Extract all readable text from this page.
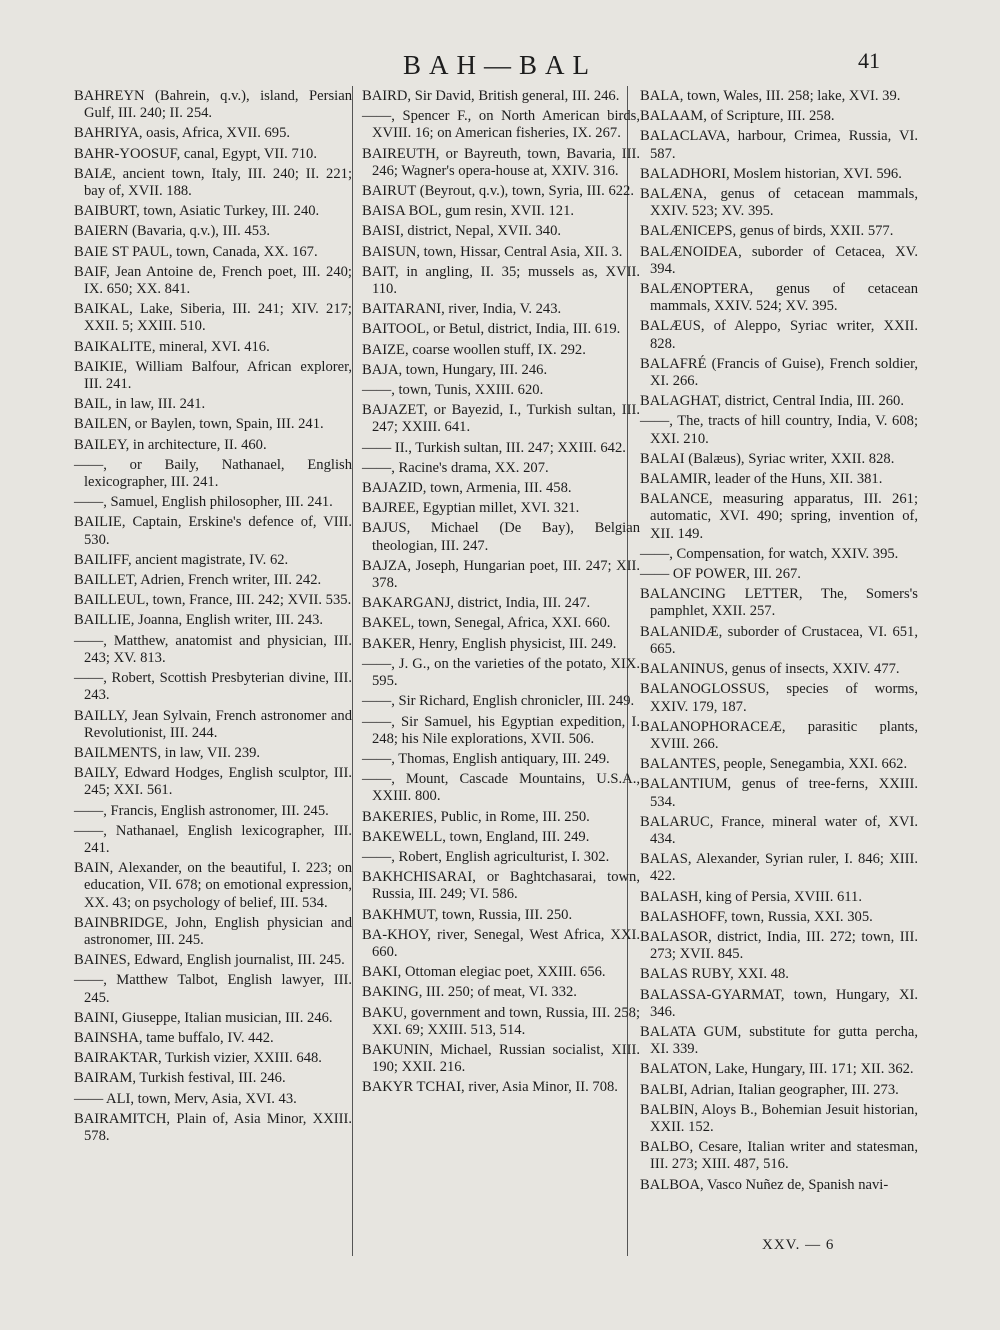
BAH—BAL	41

BAHREYN (Bahrein, q.v.), island, Persian Gulf, III. 240; II. 254.

BAHRIYA, oasis, Africa, XVII. 695.

BAHR-YOOSUF, canal, Egypt, VII. 710.

BAIÆ, ancient town, Italy, III. 240; II. 221; bay of, XVII. 188.

BAIBURT, town, Asiatic Turkey, III. 240.

BAIERN (Bavaria, q.v.), III. 453.

BAIE ST PAUL, town, Canada, XX. 167.

BAIF, Jean Antoine de, French poet, III. 240; IX. 650; XX. 841.

BAIKAL, Lake, Siberia, III. 241; XIV. 217; XXII. 5; XXIII. 510.

BAIKALITE, mineral, XVI. 416.

BAIKIE, William Balfour, African explorer, III. 241.

BAIL, in law, III. 241.

BAILEN, or Baylen, town, Spain, III. 241.

BAILEY, in architecture, II. 460.

——, or Baily, Nathanael, English lexicographer, III. 241.

——, Samuel, English philosopher, III. 241.

BAILIE, Captain, Erskine's defence of, VIII. 530.

BAILIFF, ancient magistrate, IV. 62.

BAILLET, Adrien, French writer, III. 242.

BAILLEUL, town, France, III. 242; XVII. 535.

BAILLIE, Joanna, English writer, III. 243.

——, Matthew, anatomist and physician, III. 243; XV. 813.

——, Robert, Scottish Presbyterian divine, III. 243.

BAILLY, Jean Sylvain, French astronomer and Revolutionist, III. 244.

BAILMENTS, in law, VII. 239.

BAILY, Edward Hodges, English sculptor, III. 245; XXI. 561.

——, Francis, English astronomer, III. 245.

——, Nathanael, English lexicographer, III. 241.

BAIN, Alexander, on the beautiful, I. 223; on education, VII. 678; on emotional expression, XX. 43; on psychology of belief, III. 534.

BAINBRIDGE, John, English physician and astronomer, III. 245.

BAINES, Edward, English journalist, III. 245.

——, Matthew Talbot, English lawyer, III. 245.

BAINI, Giuseppe, Italian musician, III. 246.

BAINSHA, tame buffalo, IV. 442.

BAIRAKTAR, Turkish vizier, XXIII. 648.

BAIRAM, Turkish festival, III. 246.

—— ALI, town, Merv, Asia, XVI. 43.

BAIRAMITCH, Plain of, Asia Minor, XXIII. 578.

BAIRD, Sir David, British general, III. 246.

——, Spencer F., on North American birds, XVIII. 16; on American fisheries, IX. 267.

BAIREUTH, or Bayreuth, town, Bavaria, III. 246; Wagner's opera-house at, XXIV. 316.

BAIRUT (Beyrout, q.v.), town, Syria, III. 622.

BAISA BOL, gum resin, XVII. 121.

BAISI, district, Nepal, XVII. 340.

BAISUN, town, Hissar, Central Asia, XII. 3.

BAIT, in angling, II. 35; mussels as, XVII. 110.

BAITARANI, river, India, V. 243.

BAITOOL, or Betul, district, India, III. 619.

BAIZE, coarse woollen stuff, IX. 292.

BAJA, town, Hungary, III. 246.

——, town, Tunis, XXIII. 620.

BAJAZET, or Bayezid, I., Turkish sultan, III. 247; XXIII. 641.

—— II., Turkish sultan, III. 247; XXIII. 642.

——, Racine's drama, XX. 207.

BAJAZID, town, Armenia, III. 458.

BAJREE, Egyptian millet, XVI. 321.

BAJUS, Michael (De Bay), Belgian theologian, III. 247.

BAJZA, Joseph, Hungarian poet, III. 247; XII. 378.

BAKARGANJ, district, India, III. 247.

BAKEL, town, Senegal, Africa, XXI. 660.

BAKER, Henry, English physicist, III. 249.

——, J. G., on the varieties of the potato, XIX. 595.

——, Sir Richard, English chronicler, III. 249.

——, Sir Samuel, his Egyptian expedition, I. 248; his Nile explorations, XVII. 506.

——, Thomas, English antiquary, III. 249.

——, Mount, Cascade Mountains, U.S.A., XXIII. 800.

BAKERIES, Public, in Rome, III. 250.

BAKEWELL, town, England, III. 249.

——, Robert, English agriculturist, I. 302.

BAKHCHISARAI, or Baghtchasarai, town, Russia, III. 249; VI. 586.

BAKHMUT, town, Russia, III. 250.

BA-KHOY, river, Senegal, West Africa, XXI. 660.

BAKI, Ottoman elegiac poet, XXIII. 656.

BAKING, III. 250; of meat, VI. 332.

BAKU, government and town, Russia, III. 258; XXI. 69; XXIII. 513, 514.

BAKUNIN, Michael, Russian socialist, XIII. 190; XXII. 216.

BAKYR TCHAI, river, Asia Minor, II. 708.

BALA, town, Wales, III. 258; lake, XVI. 39.

BALAAM, of Scripture, III. 258.

BALACLAVA, harbour, Crimea, Russia, VI. 587.

BALADHORI, Moslem historian, XVI. 596.

BALÆNA, genus of cetacean mammals, XXIV. 523; XV. 395.

BALÆNICEPS, genus of birds, XXII. 577.

BALÆNOIDEA, suborder of Cetacea, XV. 394.

BALÆNOPTERA, genus of cetacean mammals, XXIV. 524; XV. 395.

BALÆUS, of Aleppo, Syriac writer, XXII. 828.

BALAFRÉ (Francis of Guise), French soldier, XI. 266.

BALAGHAT, district, Central India, III. 260.

——, The, tracts of hill country, India, V. 608; XXI. 210.

BALAI (Balæus), Syriac writer, XXII. 828.

BALAMIR, leader of the Huns, XII. 381.

BALANCE, measuring apparatus, III. 261; automatic, XVI. 490; spring, invention of, XII. 149.

——, Compensation, for watch, XXIV. 395.

—— OF POWER, III. 267.

BALANCING LETTER, The, Somers's pamphlet, XXII. 257.

BALANIDÆ, suborder of Crustacea, VI. 651, 665.

BALANINUS, genus of insects, XXIV. 477.

BALANOGLOSSUS, species of worms, XXIV. 179, 187.

BALANOPHORACEÆ, parasitic plants, XVIII. 266.

BALANTES, people, Senegambia, XXI. 662.

BALANTIUM, genus of tree-ferns, XXIII. 534.

BALARUC, France, mineral water of, XVI. 434.

BALAS, Alexander, Syrian ruler, I. 846; XIII. 422.

BALASH, king of Persia, XVIII. 611.

BALASHOFF, town, Russia, XXI. 305.

BALASOR, district, India, III. 272; town, III. 273; XVII. 845.

BALAS RUBY, XXI. 48.

BALASSA-GYARMAT, town, Hungary, XI. 346.

BALATA GUM, substitute for gutta percha, XI. 339.

BALATON, Lake, Hungary, III. 171; XII. 362.

BALBI, Adrian, Italian geographer, III. 273.

BALBIN, Aloys B., Bohemian Jesuit historian, XXII. 152.

BALBO, Cesare, Italian writer and statesman, III. 273; XIII. 487, 516.

BALBOA, Vasco Nuñez de, Spanish navi-

XXV. — 6
